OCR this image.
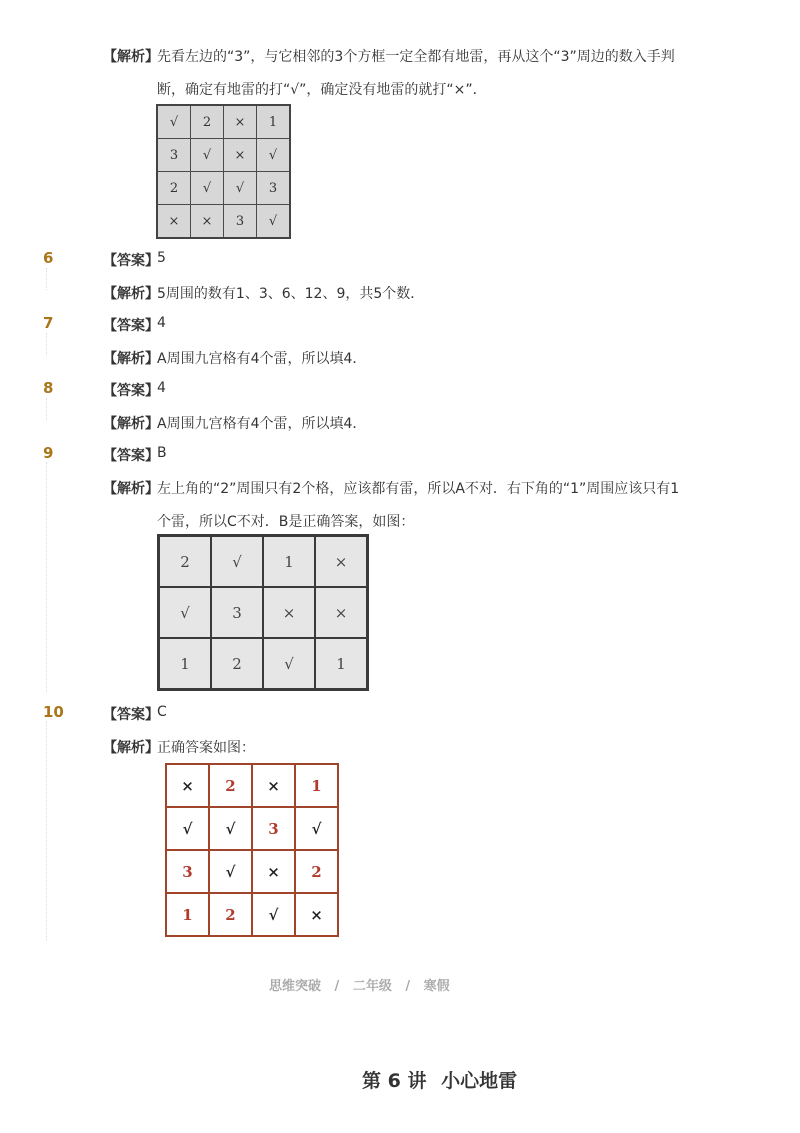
【解析】
先看左边的“3”，与它相邻的3个方框一定全都有地雷，再从这个“3”周边的数入手判
断，确定有地雷的打“√”，确定没有地雷的就打“×”．
√	2	×	1
3	√	×	√
2	√	√	3
×	×	3	√
6	【答案】
5
【解析】
5周围的数有1、3、6、12、9，共5个数．
7	【答案】
4
【解析】
A周围九宫格有4个雷，所以填4．
8	【答案】
4
【解析】
A周围九宫格有4个雷，所以填4．
9	【答案】
B
【解析】
左上角的“2”周围只有2个格，应该都有雷，所以A不对．右下角的“1”周围应该只有1
个雷，所以C不对．B是正确答案，如图：
2	√	1	×
√	3	×	×
1	2	√	1
10	【答案】
C
【解析】
正确答案如图：
×	2	×	1
√	√	3	√
3	√	×	2
1	2	√	×
思维突破 / 二年级 / 寒假
第 6 讲 小心地雷
